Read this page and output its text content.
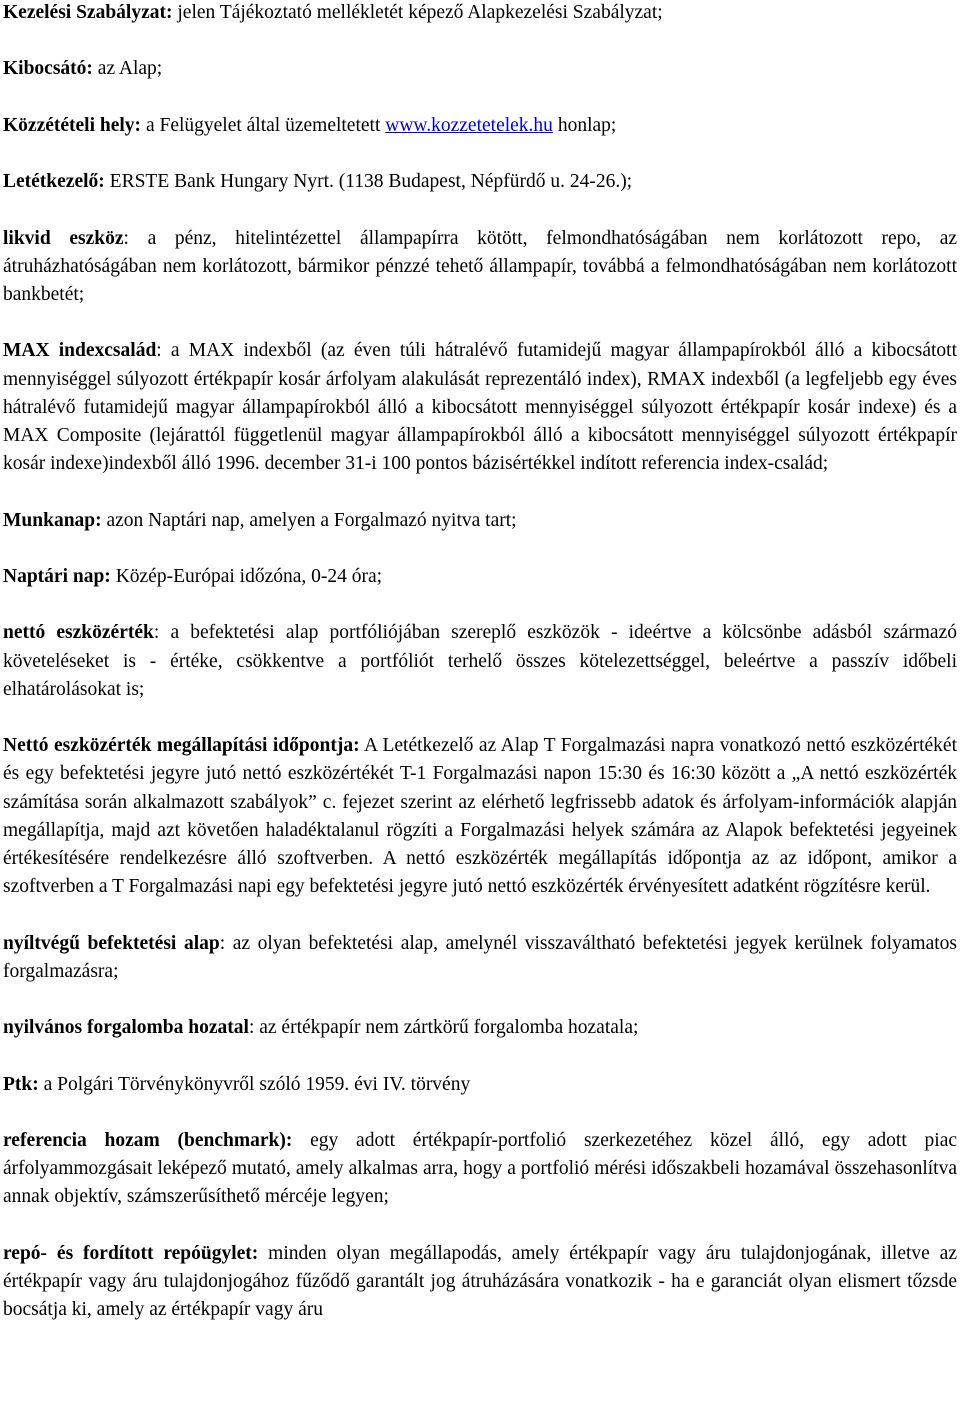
Kezelési Szabályzat: jelen Tájékoztató mellékletét képező Alapkezelési Szabályzat;

Kibocsátó: az Alap;

Közzétételi hely: a Felügyelet által üzemeltetett www.kozzetetelek.hu honlap;

Letétkezelő: ERSTE Bank Hungary Nyrt. (1138 Budapest, Népfürdő u. 24-26.);

likvid eszköz: a pénz, hitelintézettel állampapírra kötött, felmondhatóságában nem korlátozott repo, az átruházhatóságában nem korlátozott, bármikor pénzzé tehető állampapír, továbbá a felmondhatóságában nem korlátozott bankbetét;

MAX indexcsalád: a MAX indexből (az éven túli hátralévő futamidejű magyar állampapírokból álló a kibocsátott mennyiséggel súlyozott értékpapír kosár árfolyam alakulását reprezentáló index), RMAX indexből (a legfeljebb egy éves hátralévő futamidejű magyar állampapírokból álló a kibocsátott mennyiséggel súlyozott értékpapír kosár indexe) és a MAX Composite (lejárattól függetlenül magyar állampapírokból álló a kibocsátott mennyiséggel súlyozott értékpapír kosár indexe)indexből álló 1996. december 31-i 100 pontos bázisértékkel indított referencia index-család;

Munkanap: azon Naptári nap, amelyen a Forgalmazó nyitva tart;

Naptári nap: Közép-Európai időzóna, 0-24 óra;

nettó eszközérték: a befektetési alap portfóliójában szereplő eszközök - ideértve a kölcsönbe adásból származó követeléseket is - értéke, csökkentve a portfóliót terhelő összes kötelezettséggel, beleértve a passzív időbeli elhatárolásokat is;

Nettó eszközérték megállapítási időpontja: A Letétkezelő az Alap T Forgalmazási napra vonatkozó nettó eszközértékét és egy befektetési jegyre jutó nettó eszközértékét T-1 Forgalmazási napon 15:30 és 16:30 között a „A nettó eszközérték számítása során alkalmazott szabályok” c. fejezet szerint az elérhető legfrissebb adatok és árfolyam-információk alapján megállapítja, majd azt követően haladéktalanul rögzíti a Forgalmazási helyek számára az Alapok befektetési jegyeinek értékesítésére rendelkezésre álló szoftverben. A nettó eszközérték megállapítás időpontja az az időpont, amikor a szoftverben a T Forgalmazási napi egy befektetési jegyre jutó nettó eszközérték érvényesített adatként rögzítésre kerül.

nyíltvégű befektetési alap: az olyan befektetési alap, amelynél visszaváltható befektetési jegyek kerülnek folyamatos forgalmazásra;

nyilvános forgalomba hozatal: az értékpapír nem zártkörű forgalomba hozatala;

Ptk: a Polgári Törvénykönyvről szóló 1959. évi IV. törvény

referencia hozam (benchmark): egy adott értékpapír-portfolió szerkezetéhez közel álló, egy adott piac árfolyammozgásait leképező mutató, amely alkalmas arra, hogy a portfolió mérési időszakbeli hozamával összehasonlítva annak objektív, számszerűsíthető mércéje legyen;

repó- és fordított repóügylet: minden olyan megállapodás, amely értékpapír vagy áru tulajdonjogának, illetve az értékpapír vagy áru tulajdonjogához fűződő garantált jog átruházására vonatkozik - ha e garanciát olyan elismert tőzsde bocsátja ki, amely az értékpapír vagy áru
